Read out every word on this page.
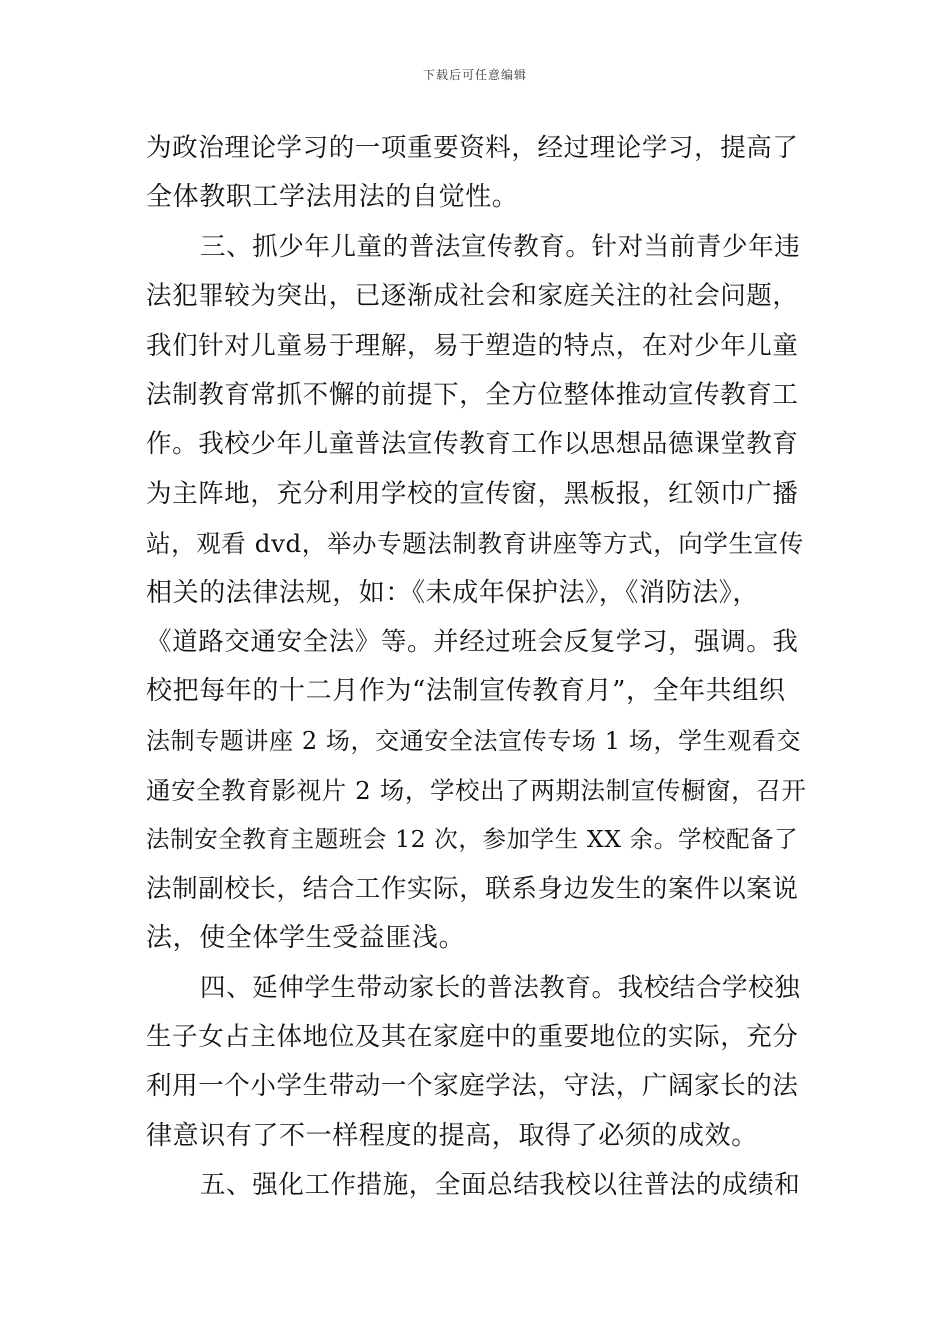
下载后可任意编辑
为政治理论学习的一项重要资料，经过理论学习，提高了
全体教职工学法用法的自觉性。
三、抓少年儿童的普法宣传教育。针对当前青少年违
法犯罪较为突出，已逐渐成社会和家庭关注的社会问题，
我们针对儿童易于理解，易于塑造的特点，在对少年儿童
法制教育常抓不懈的前提下，全方位整体推动宣传教育工
作。我校少年儿童普法宣传教育工作以思想品德课堂教育
为主阵地，充分利用学校的宣传窗，黑板报，红领巾广播
站，观看 dvd，举办专题法制教育讲座等方式，向学生宣传
相关的法律法规，如：《未成年保护法》，《消防法》，
《道路交通安全法》等。并经过班会反复学习，强调。我
校把每年的十二月作为“法制宣传教育月”，全年共组织
法制专题讲座 2 场，交通安全法宣传专场 1 场，学生观看交
通安全教育影视片 2 场，学校出了两期法制宣传橱窗，召开
法制安全教育主题班会 12 次，参加学生 XX 余。学校配备了
法制副校长，结合工作实际，联系身边发生的案件以案说
法，使全体学生受益匪浅。
四、延伸学生带动家长的普法教育。我校结合学校独
生子女占主体地位及其在家庭中的重要地位的实际，充分
利用一个小学生带动一个家庭学法，守法，广阔家长的法
律意识有了不一样程度的提高，取得了必须的成效。
五、强化工作措施，全面总结我校以往普法的成绩和
